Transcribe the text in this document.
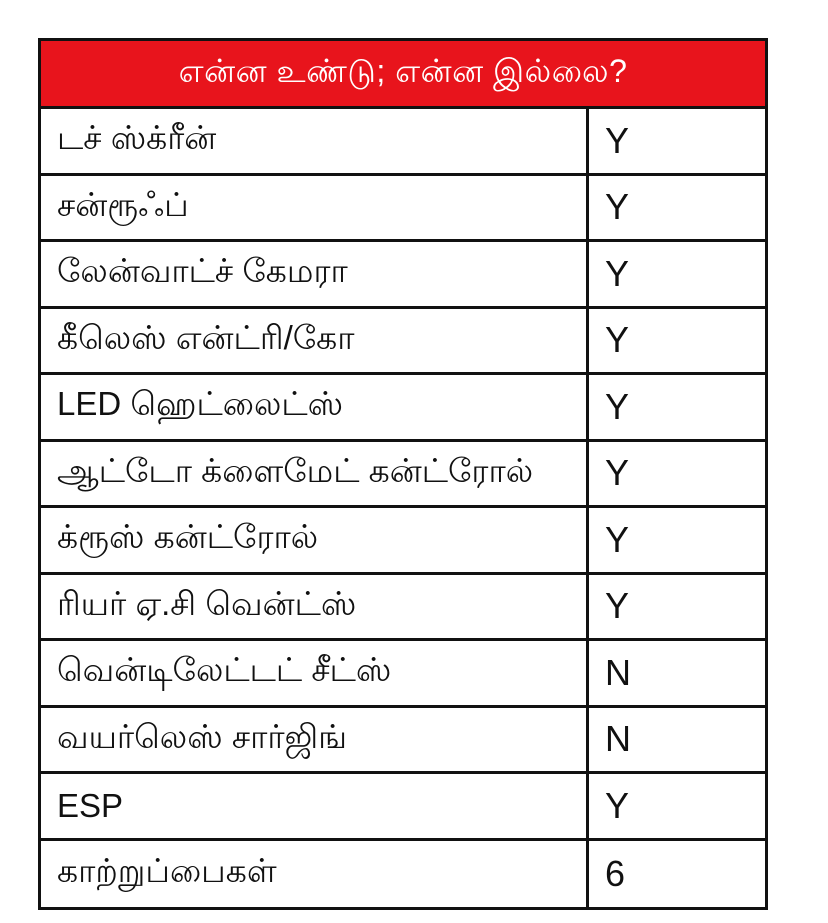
என்ன உண்டு; என்ன இல்லை?
டச் ஸ்க்ரீன்	Y
சன்ரூஃப்	Y
லேன்வாட்ச் கேமரா	Y
கீலெஸ் என்ட்ரி/கோ	Y
LED ஹெட்லைட்ஸ்	Y
ஆட்டோ க்ளைமேட் கன்ட்ரோல்	Y
க்ரூஸ் கன்ட்ரோல்	Y
ரியர் ஏ.சி வென்ட்ஸ்	Y
வென்டிலேட்டட் சீட்ஸ்	N
வயர்லெஸ் சார்ஜிங்	N
ESP	Y
காற்றுப்பைகள்	6
